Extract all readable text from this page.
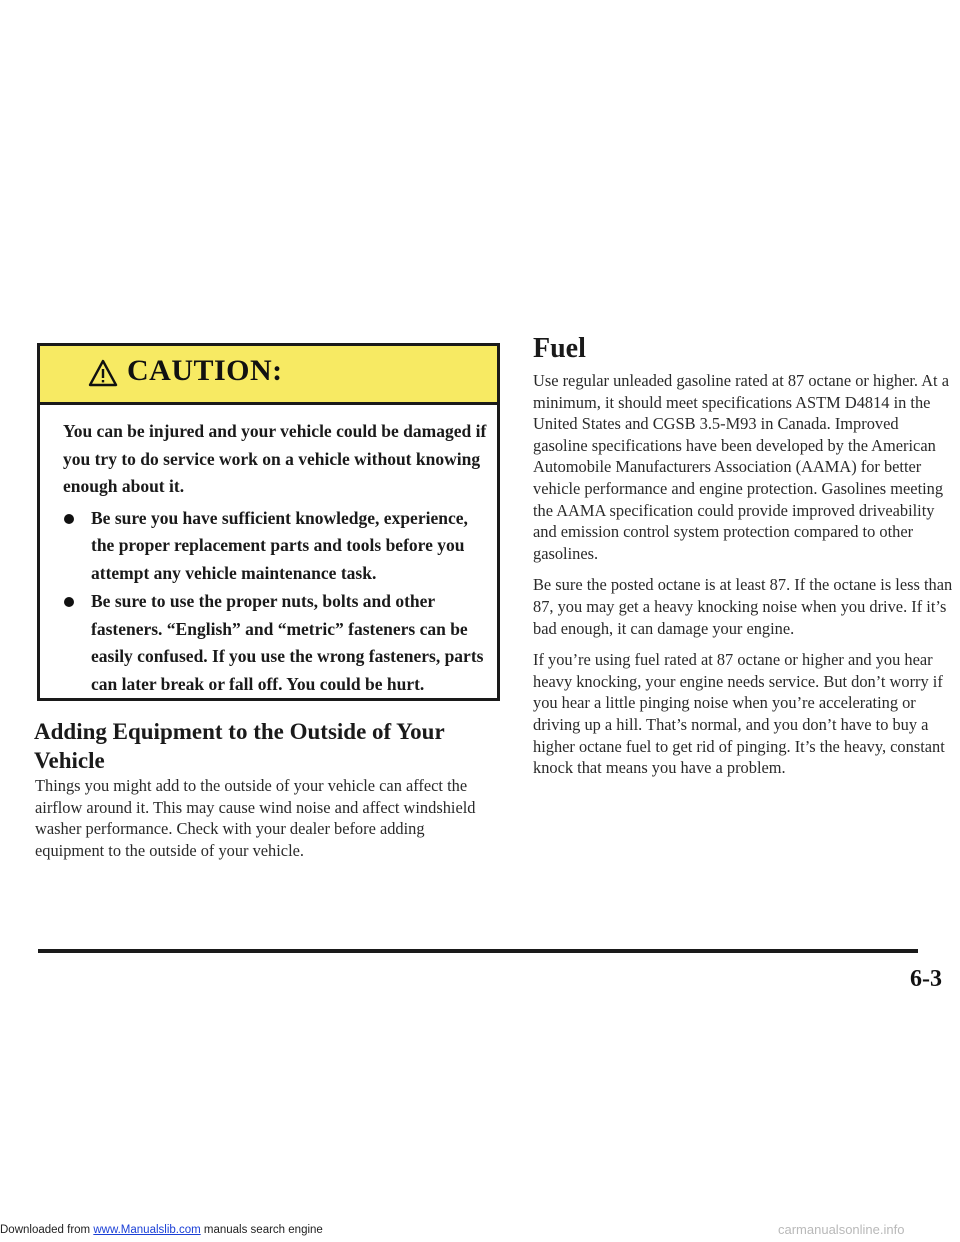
CAUTION:

You can be injured and your vehicle could be damaged if you try to do service work on a vehicle without knowing enough about it.

Be sure you have sufficient knowledge, experience, the proper replacement parts and tools before you attempt any vehicle maintenance task.
Be sure to use the proper nuts, bolts and other fasteners. “English” and “metric” fasteners can be easily confused. If you use the wrong fasteners, parts can later break or fall off. You could be hurt.
Adding Equipment to the Outside of Your Vehicle

Things you might add to the outside of your vehicle can affect the airflow around it. This may cause wind noise and affect windshield washer performance. Check with your dealer before adding equipment to the outside of your vehicle.

Fuel

Use regular unleaded gasoline rated at 87 octane or higher. At a minimum, it should meet specifications ASTM D4814 in the United States and CGSB 3.5-M93 in Canada. Improved gasoline specifications have been developed by the American Automobile Manufacturers Association (AAMA) for better vehicle performance and engine protection. Gasolines meeting the AAMA specification could provide improved driveability and emission control system protection compared to other gasolines.

Be sure the posted octane is at least 87. If the octane is less than 87, you may get a heavy knocking noise when you drive. If it’s bad enough, it can damage your engine.

If you’re using fuel rated at 87 octane or higher and you hear heavy knocking, your engine needs service. But don’t worry if you hear a little pinging noise when you’re accelerating or driving up a hill. That’s normal, and you don’t have to buy a higher octane fuel to get rid of pinging. It’s the heavy, constant knock that means you have a problem.

6-3
Downloaded from www.Manualslib.com manuals search engine	carmanualsonline.info
